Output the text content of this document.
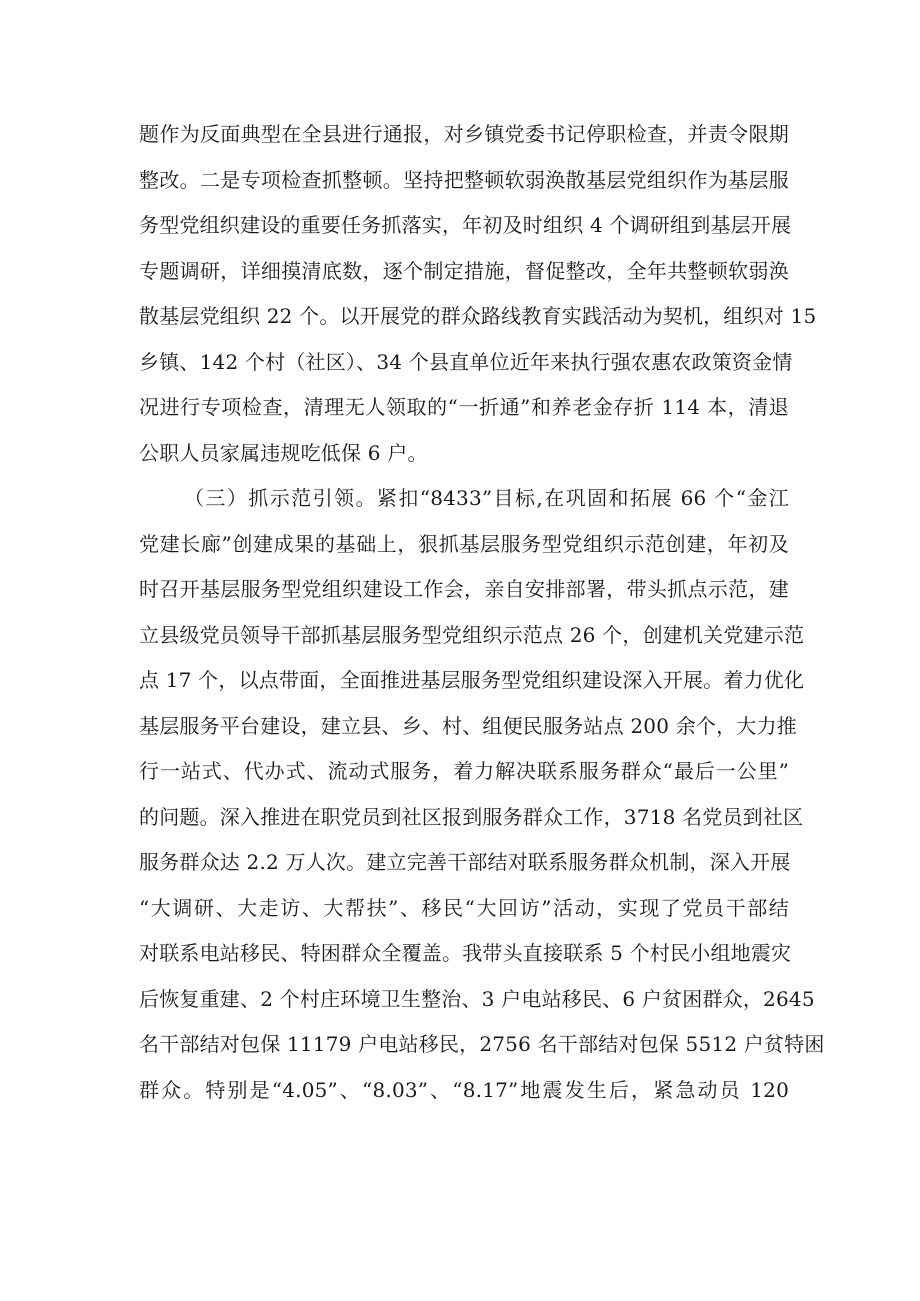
题作为反面典型在全县进行通报，对乡镇党委书记停职检查，并责令限期
整改。二是专项检查抓整顿。坚持把整顿软弱涣散基层党组织作为基层服
务型党组织建设的重要任务抓落实，年初及时组织 4 个调研组到基层开展
专题调研，详细摸清底数，逐个制定措施，督促整改，全年共整顿软弱涣
散基层党组织 22 个。以开展党的群众路线教育实践活动为契机，组织对 15
乡镇、142 个村（社区）、34 个县直单位近年来执行强农惠农政策资金情
况进行专项检查，清理无人领取的“一折通”和养老金存折 114 本，清退
公职人员家属违规吃低保 6 户。
（三）抓示范引领。紧扣“8433”目标,在巩固和拓展 66 个“金江
党建长廊”创建成果的基础上，狠抓基层服务型党组织示范创建，年初及
时召开基层服务型党组织建设工作会，亲自安排部署，带头抓点示范，建
立县级党员领导干部抓基层服务型党组织示范点 26 个，创建机关党建示范
点 17 个，以点带面，全面推进基层服务型党组织建设深入开展。着力优化
基层服务平台建设，建立县、乡、村、组便民服务站点 200 余个，大力推
行一站式、代办式、流动式服务，着力解决联系服务群众“最后一公里”
的问题。深入推进在职党员到社区报到服务群众工作，3718 名党员到社区
服务群众达 2.2 万人次。建立完善干部结对联系服务群众机制，深入开展
“大调研、大走访、大帮扶”、移民“大回访”活动，实现了党员干部结
对联系电站移民、特困群众全覆盖。我带头直接联系 5 个村民小组地震灾
后恢复重建、2 个村庄环境卫生整治、3 户电站移民、6 户贫困群众，2645
名干部结对包保 11179 户电站移民，2756 名干部结对包保 5512 户贫特困
群众。特别是“4.05”、“8.03”、“8.17”地震发生后，紧急动员 120
